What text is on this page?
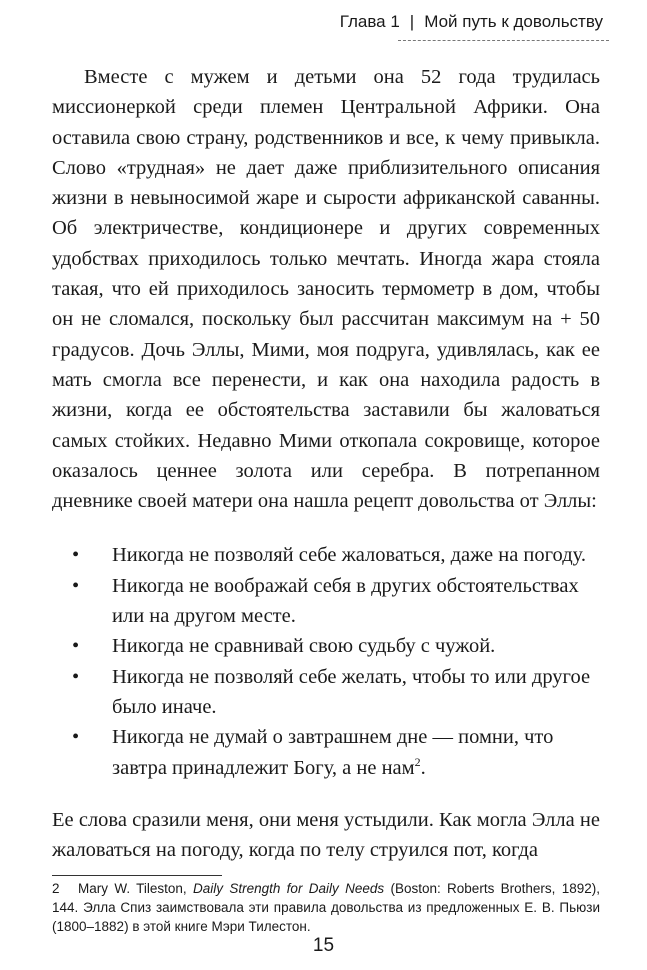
Глава 1 | Мой путь к довольству

Вместе с мужем и детьми она 52 года трудилась миссионеркой среди племен Центральной Африки. Она оставила свою страну, родственников и все, к чему привыкла. Слово «трудная» не дает даже приблизительного описания жизни в невыносимой жаре и сырости африканской саванны. Об электричестве, кондиционере и других современных удобствах приходилось только мечтать. Иногда жара стояла такая, что ей приходилось заносить термометр в дом, чтобы он не сломался, поскольку был рассчитан максимум на + 50 градусов. Дочь Эллы, Мими, моя подруга, удивлялась, как ее мать смогла все перенести, и как она находила радость в жизни, когда ее обстоятельства заставили бы жаловаться самых стойких. Недавно Мими откопала сокровище, которое оказалось ценнее золота или серебра. В потрепанном дневнике своей матери она нашла рецепт довольства от Эллы:

• Никогда не позволяй себе жаловаться, даже на погоду.
• Никогда не воображай себя в других обстоятельствах или на другом месте.
• Никогда не сравнивай свою судьбу с чужой.
• Никогда не позволяй себе желать, чтобы то или другое было иначе.
• Никогда не думай о завтрашнем дне — помни, что завтра принадлежит Богу, а не нам$^2$.

Ее слова сразили меня, они меня устыдили. Как могла Элла не жаловаться на погоду, когда по телу струился пот, когда

2 Mary W. Tileston, Daily Strength for Daily Needs (Boston: Roberts Brothers, 1892), 144. Элла Спиз заимствовала эти правила довольства из предложенных Е. В. Пьюзи (1800–1882) в этой книге Мэри Тилестон.
15
